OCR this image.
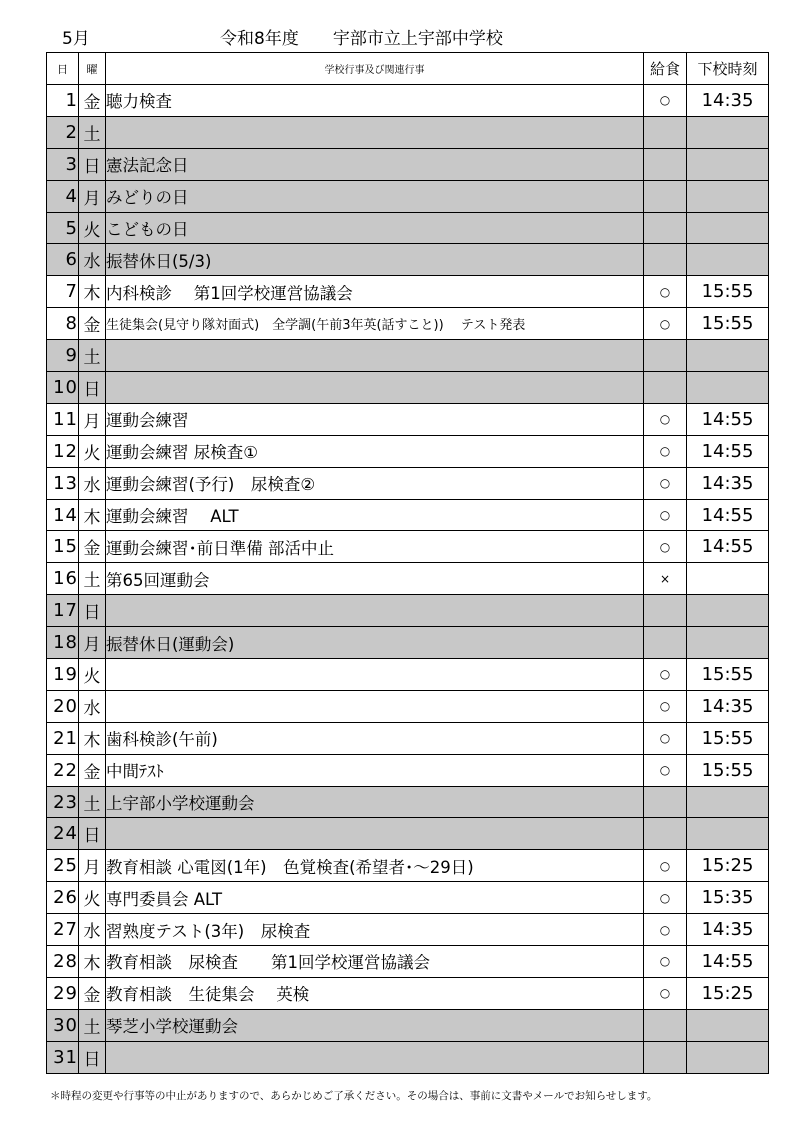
5月	令和8年度　　宇部市立上宇部中学校
日	曜	学校行事及び関連行事	給食	下校時刻
1	金	聴力検査	○	14:35
2	土			
3	日	憲法記念日		
4	月	みどりの日		
5	火	こどもの日		
6	水	振替休日(5/3)		
7	木	内科検診　 第1回学校運営協議会	○	15:55
8	金	生徒集会(見守り隊対面式)　全学調(午前3年英(話すこと))　 テスト発表	○	15:55
9	土			
10	日			
11	月	運動会練習	○	14:55
12	火	運動会練習 尿検査①	○	14:55
13	水	運動会練習(予行)　尿検査②	○	14:35
14	木	運動会練習　 ALT	○	14:55
15	金	運動会練習･前日準備 部活中止	○	14:55
16	土	第65回運動会	×	
17	日			
18	月	振替休日(運動会)		
19	火		○	15:55
20	水		○	14:35
21	木	歯科検診(午前)	○	15:55
22	金	中間ﾃｽﾄ	○	15:55
23	土	上宇部小学校運動会		
24	日			
25	月	教育相談 心電図(1年)　色覚検査(希望者･～29日)	○	15:25
26	火	専門委員会 ALT	○	15:35
27	水	習熟度テスト(3年)　尿検査	○	14:35
28	木	教育相談　尿検査　　第1回学校運営協議会	○	14:55
29	金	教育相談　生徒集会　 英検	○	15:25
30	土	琴芝小学校運動会		
31	日			
＊時程の変更や行事等の中止がありますので、あらかじめご了承ください。その場合は、事前に文書やメールでお知らせします。
